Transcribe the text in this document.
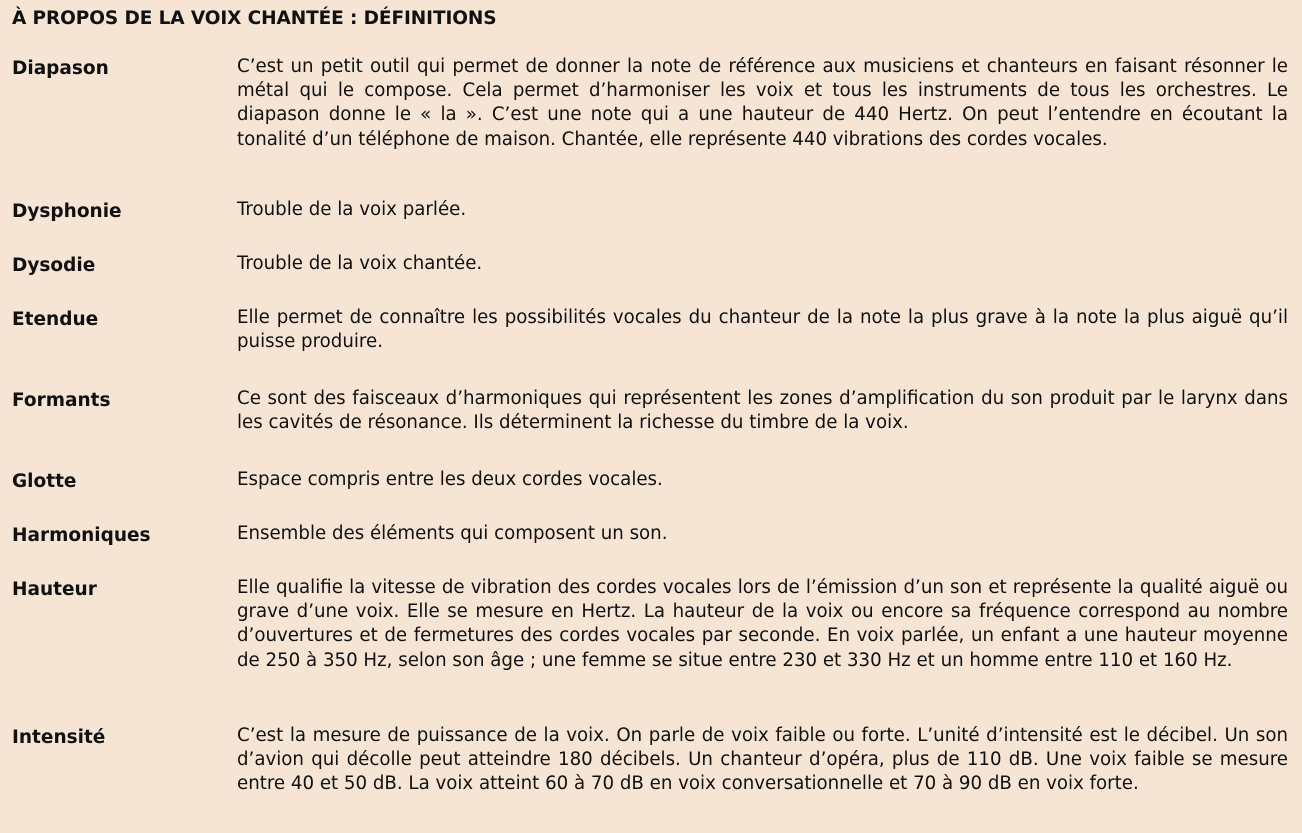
À PROPOS DE LA VOIX CHANTÉE : DÉFINITIONS
Diapason	C’est un petit outil qui permet de donner la note de référence aux musiciens et chanteurs en faisant résonner le métal qui le compose. Cela permet d’harmoniser les voix et tous les instruments de tous les orchestres. Le diapason donne le « la ». C’est une note qui a une hauteur de 440 Hertz. On peut l’entendre en écoutant la tonalité d’un téléphone de maison. Chantée, elle représente 440 vibrations des cordes vocales.
Dysphonie	Trouble de la voix parlée.
Dysodie	Trouble de la voix chantée.
Etendue	Elle permet de connaître les possibilités vocales du chanteur de la note la plus grave à la note la plus aiguë qu’il puisse produire.
Formants	Ce sont des faisceaux d’harmoniques qui représentent les zones d’amplification du son produit par le larynx dans les cavités de résonance. Ils déterminent la richesse du timbre de la voix.
Glotte	Espace compris entre les deux cordes vocales.
Harmoniques	Ensemble des éléments qui composent un son.
Hauteur	Elle qualifie la vitesse de vibration des cordes vocales lors de l’émission d’un son et représente la qualité aiguë ou grave d’une voix. Elle se mesure en Hertz. La hauteur de la voix ou encore sa fréquence correspond au nombre d’ouvertures et de fermetures des cordes vocales par seconde. En voix parlée, un enfant a une hauteur moyenne de 250 à 350 Hz, selon son âge ; une femme se situe entre 230 et 330 Hz et un homme entre 110 et 160 Hz.
Intensité	C’est la mesure de puissance de la voix. On parle de voix faible ou forte. L’unité d’intensité est le décibel. Un son d’avion qui décolle peut atteindre 180 décibels. Un chanteur d’opéra, plus de 110 dB. Une voix faible se mesure entre 40 et 50 dB. La voix atteint 60 à 70 dB en voix conversationnelle et 70 à 90 dB en voix forte.
